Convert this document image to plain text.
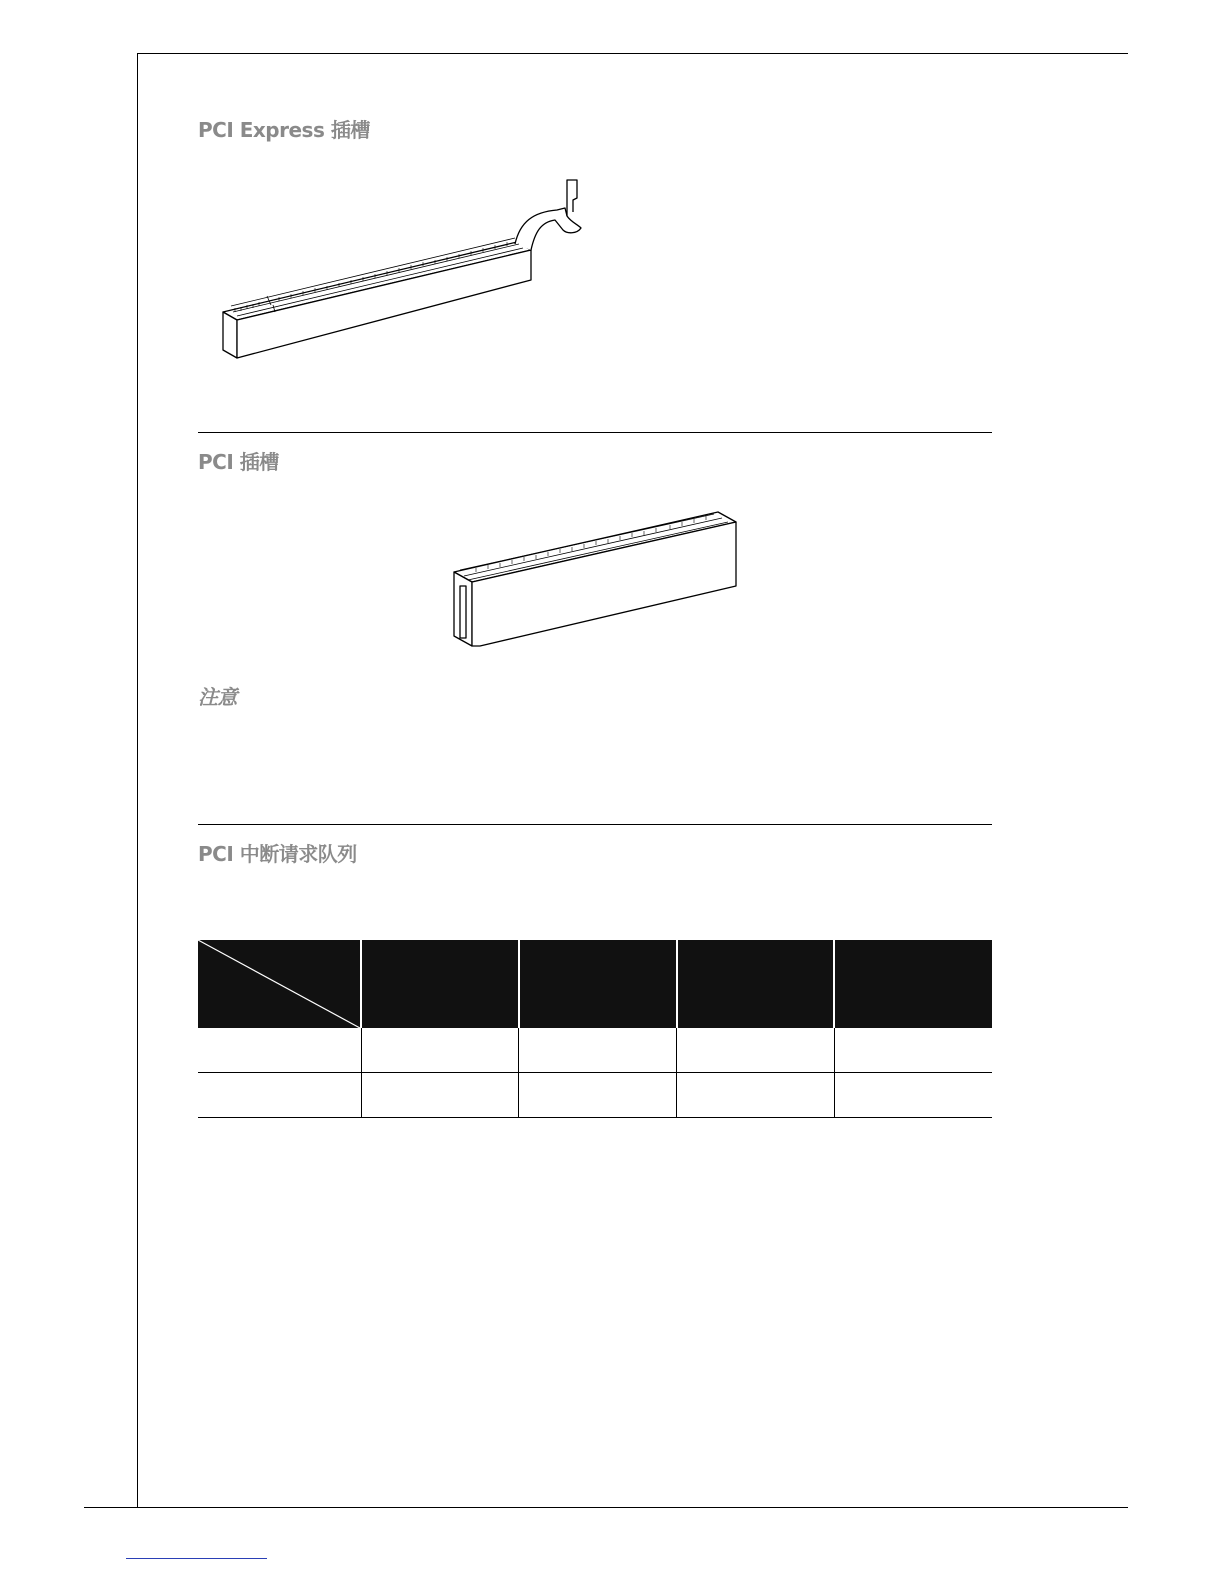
PCI Express 插槽
PCI 插槽
注意
PCI 中断请求队列
